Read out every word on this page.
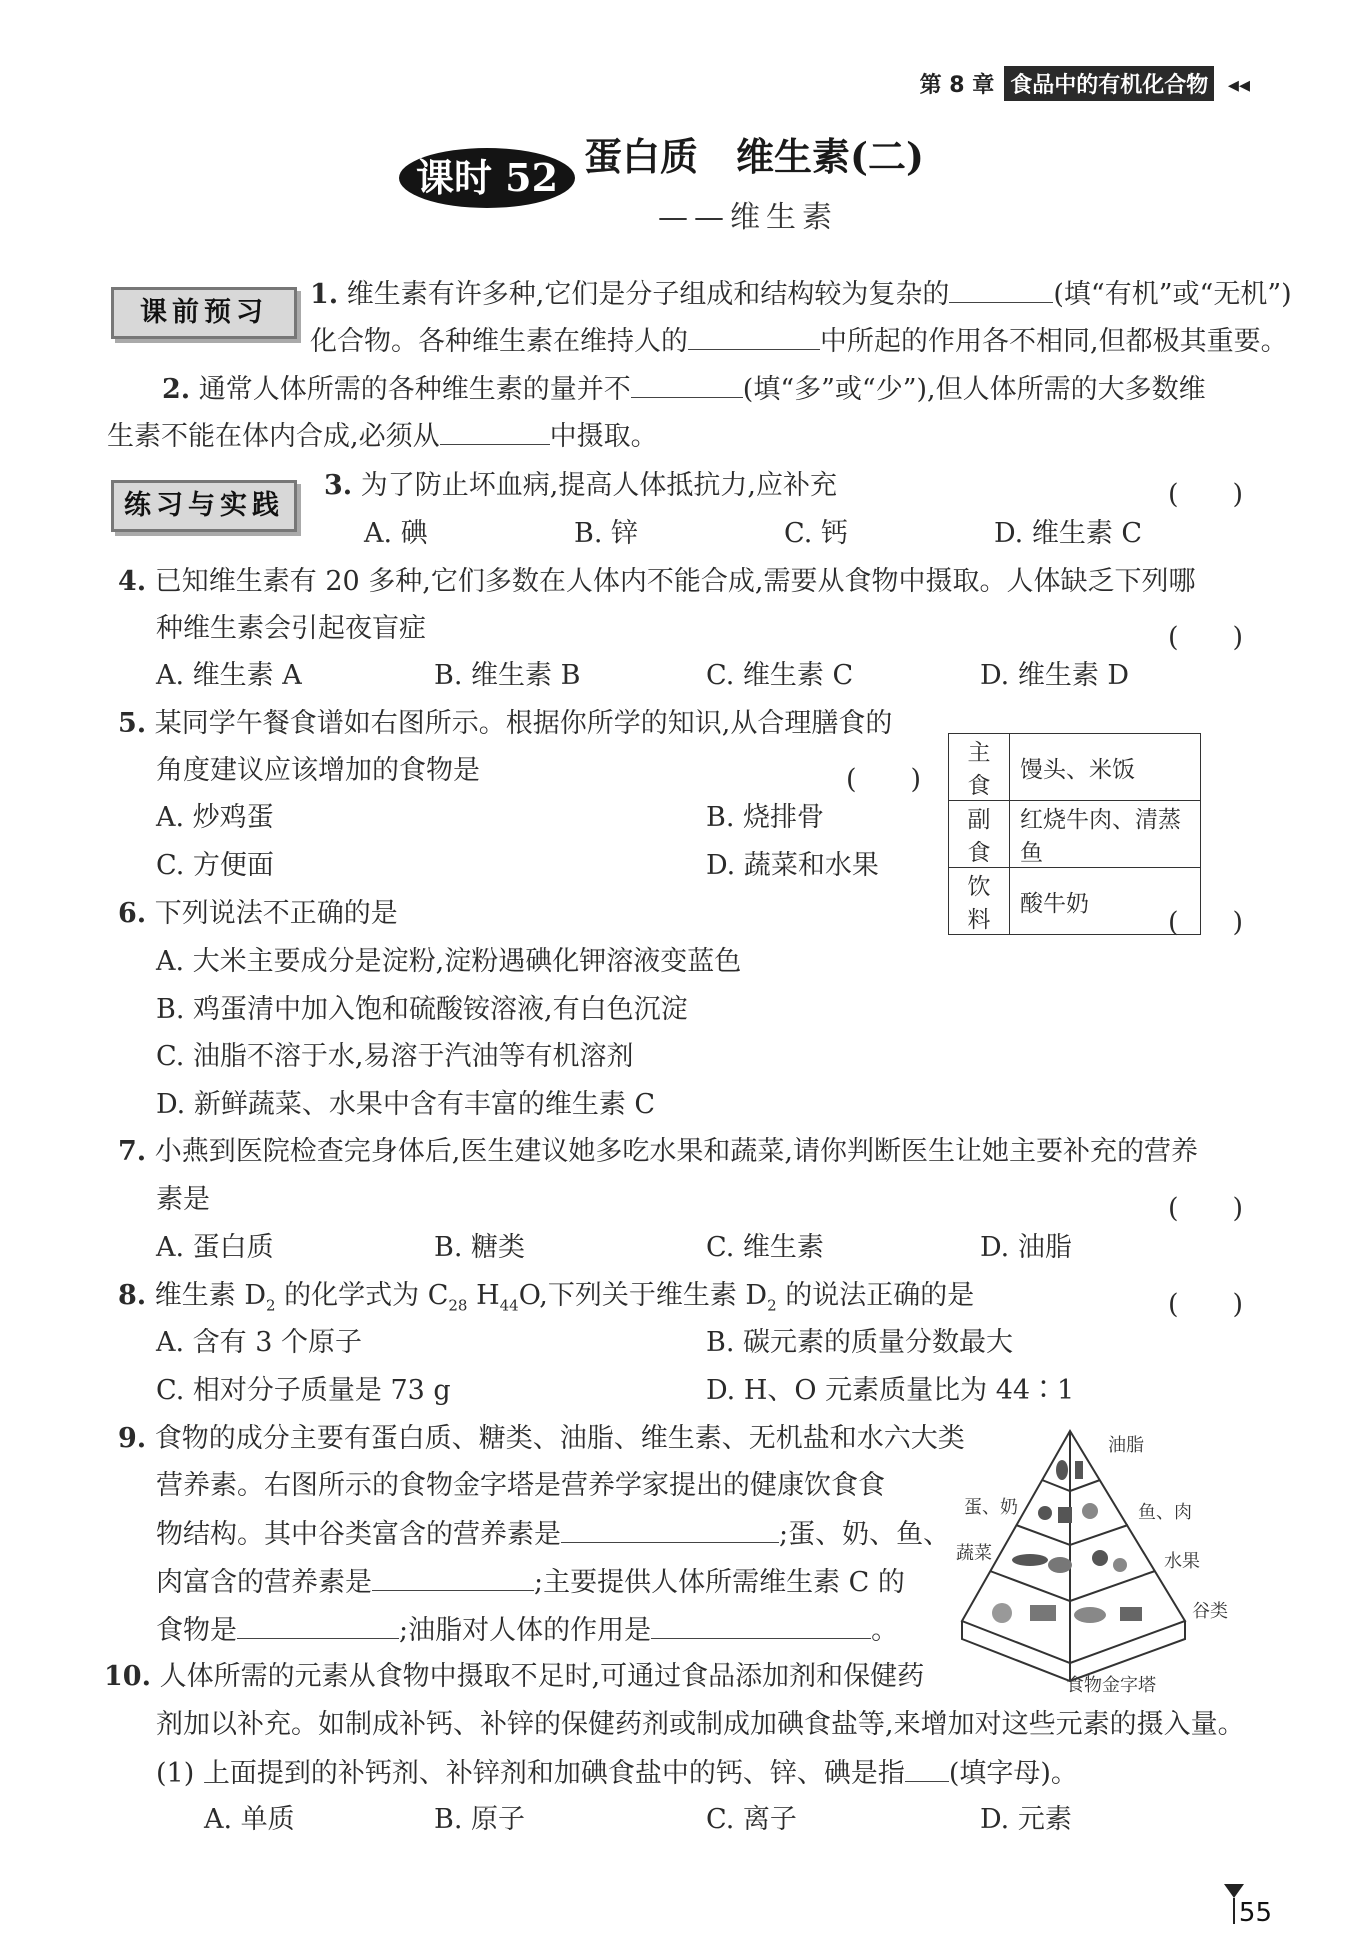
第 8 章 食品中的有机化合物 ◂◂
课时 52 蛋白质　维生素(二)
——维生素
课前预习
1. 维生素有许多种,它们是分子组成和结构较为复杂的	(填“有机”或“无机”)
化合物。各种维生素在维持人的	中所起的作用各不相同,但都极其重要。
2. 通常人体所需的各种维生素的量并不	(填“多”或“少”),但人体所需的大多数维
生素不能在体内合成,必须从	中摄取。
练习与实践
3. 为了防止坏血病,提高人体抵抗力,应补充	(　　)
A. 碘	B. 锌	C. 钙	D. 维生素 C
4. 已知维生素有 20 多种,它们多数在人体内不能合成,需要从食物中摄取。人体缺乏下列哪
种维生素会引起夜盲症	(　　)
A. 维生素 A	B. 维生素 B	C. 维生素 C	D. 维生素 D
5. 某同学午餐食谱如右图所示。根据你所学的知识,从合理膳食的
角度建议应该增加的食物是	(　　)
A. 炒鸡蛋	B. 烧排骨
C. 方便面	D. 蔬菜和水果
主食	馒头、米饭
副食	红烧牛肉、清蒸鱼
饮料	酸牛奶
6. 下列说法不正确的是	(　　)
A. 大米主要成分是淀粉,淀粉遇碘化钾溶液变蓝色
B. 鸡蛋清中加入饱和硫酸铵溶液,有白色沉淀
C. 油脂不溶于水,易溶于汽油等有机溶剂
D. 新鲜蔬菜、水果中含有丰富的维生素 C
7. 小燕到医院检查完身体后,医生建议她多吃水果和蔬菜,请你判断医生让她主要补充的营养
素是	(　　)
A. 蛋白质	B. 糖类	C. 维生素	D. 油脂
8. 维生素 $D_2$ 的化学式为 $C_{28}$ $H_{44}O$,下列关于维生素 $D_2$ 的说法正确的是	(　　)
A. 含有 3 个原子	B. 碳元素的质量分数最大
C. 相对分子质量是 73 g	D. H、O 元素质量比为 44∶1
9. 食物的成分主要有蛋白质、糖类、油脂、维生素、无机盐和水六大类
营养素。右图所示的食物金字塔是营养学家提出的健康饮食食
物结构。其中谷类富含的营养素是	;蛋、奶、鱼、
肉富含的营养素是	;主要提供人体所需维生素 C 的
食物是	;油脂对人体的作用是	。
油脂
蛋、奶	鱼、肉
蔬菜	水果
谷类
食物金字塔
10. 人体所需的元素从食物中摄取不足时,可通过食品添加剂和保健药
剂加以补充。如制成补钙、补锌的保健药剂或制成加碘食盐等,来增加对这些元素的摄入量。
(1) 上面提到的补钙剂、补锌剂和加碘食盐中的钙、锌、碘是指 (填字母)。
A. 单质	B. 原子	C. 离子	D. 元素
55
